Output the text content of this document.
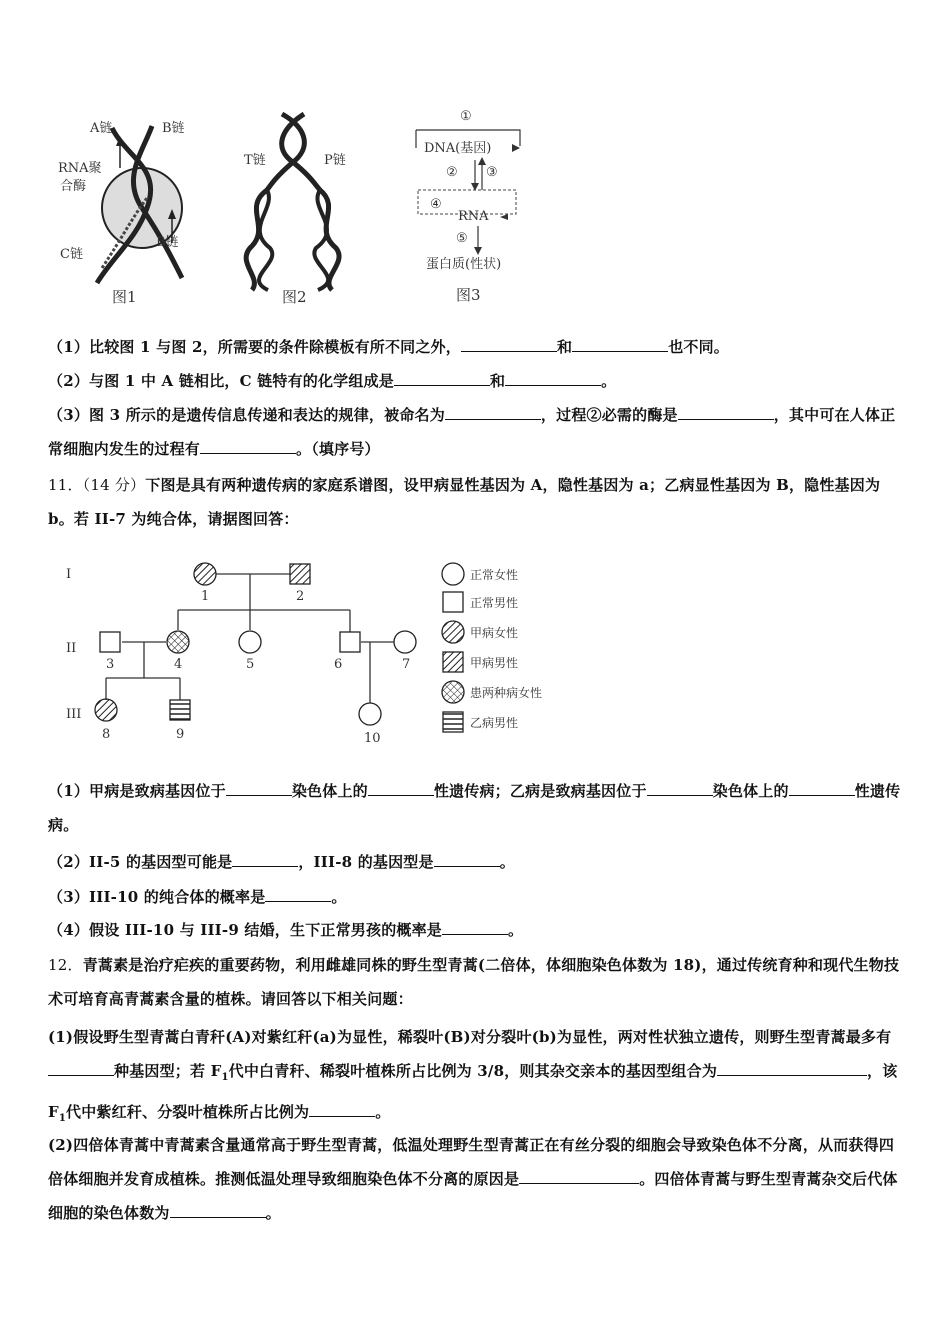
A链	B链
RNA聚
合酶
C链
B链
图1
T链	P链
图2
①
DNA(基因)
② ③
④
RNA
⑤
蛋白质(性状)
图3
（1）比较图 1 与图 2，所需要的条件除模板有所不同之外，	和	也不同。
（2）与图 1 中 A 链相比，C 链特有的化学组成是	和	。
（3）图 3 所示的是遗传信息传递和表达的规律，被命名为	，过程②必需的酶是	，其中可在人体正常细胞内发生的过程有	。（填序号）
11．（14 分）下图是具有两种遗传病的家庭系谱图，设甲病显性基因为 A，隐性基因为 a；乙病显性基因为 B，隐性基因为 b。若 II-7 为纯合体，请据图回答：
I
II
III
1	2
3	4	5	6	7
8	9	10
正常女性
正常男性
甲病女性
甲病男性
患两种病女性
乙病男性
（1）甲病是致病基因位于	染色体上的	性遗传病；乙病是致病基因位于	染色体上的	性遗传病。
（2）II-5 的基因型可能是	，III-8 的基因型是	。
（3）III-10 的纯合体的概率是	。
（4）假设 III-10 与 III-9 结婚，生下正常男孩的概率是	。
12．青蒿素是治疗疟疾的重要药物，利用雌雄同株的野生型青蒿(二倍体，体细胞染色体数为 18)，通过传统育种和现代生物技术可培育高青蒿素含量的植株。请回答以下相关问题：
(1)假设野生型青蒿白青秆(A)对紫红秆(a)为显性，稀裂叶(B)对分裂叶(b)为显性，两对性状独立遗传，则野生型青蒿最多有种基因型；若 $F_1$代中白青秆、稀裂叶植株所占比例为 3/8，则其杂交亲本的基因型组合为	，该 $F_1$代中紫红秆、分裂叶植株所占比例为	。
(2)四倍体青蒿中青蒿素含量通常高于野生型青蒿，低温处理野生型青蒿正在有丝分裂的细胞会导致染色体不分离，从而获得四倍体细胞并发育成植株。推测低温处理导致细胞染色体不分离的原因是	。四倍体青蒿与野生型青蒿杂交后代体细胞的染色体数为	。
